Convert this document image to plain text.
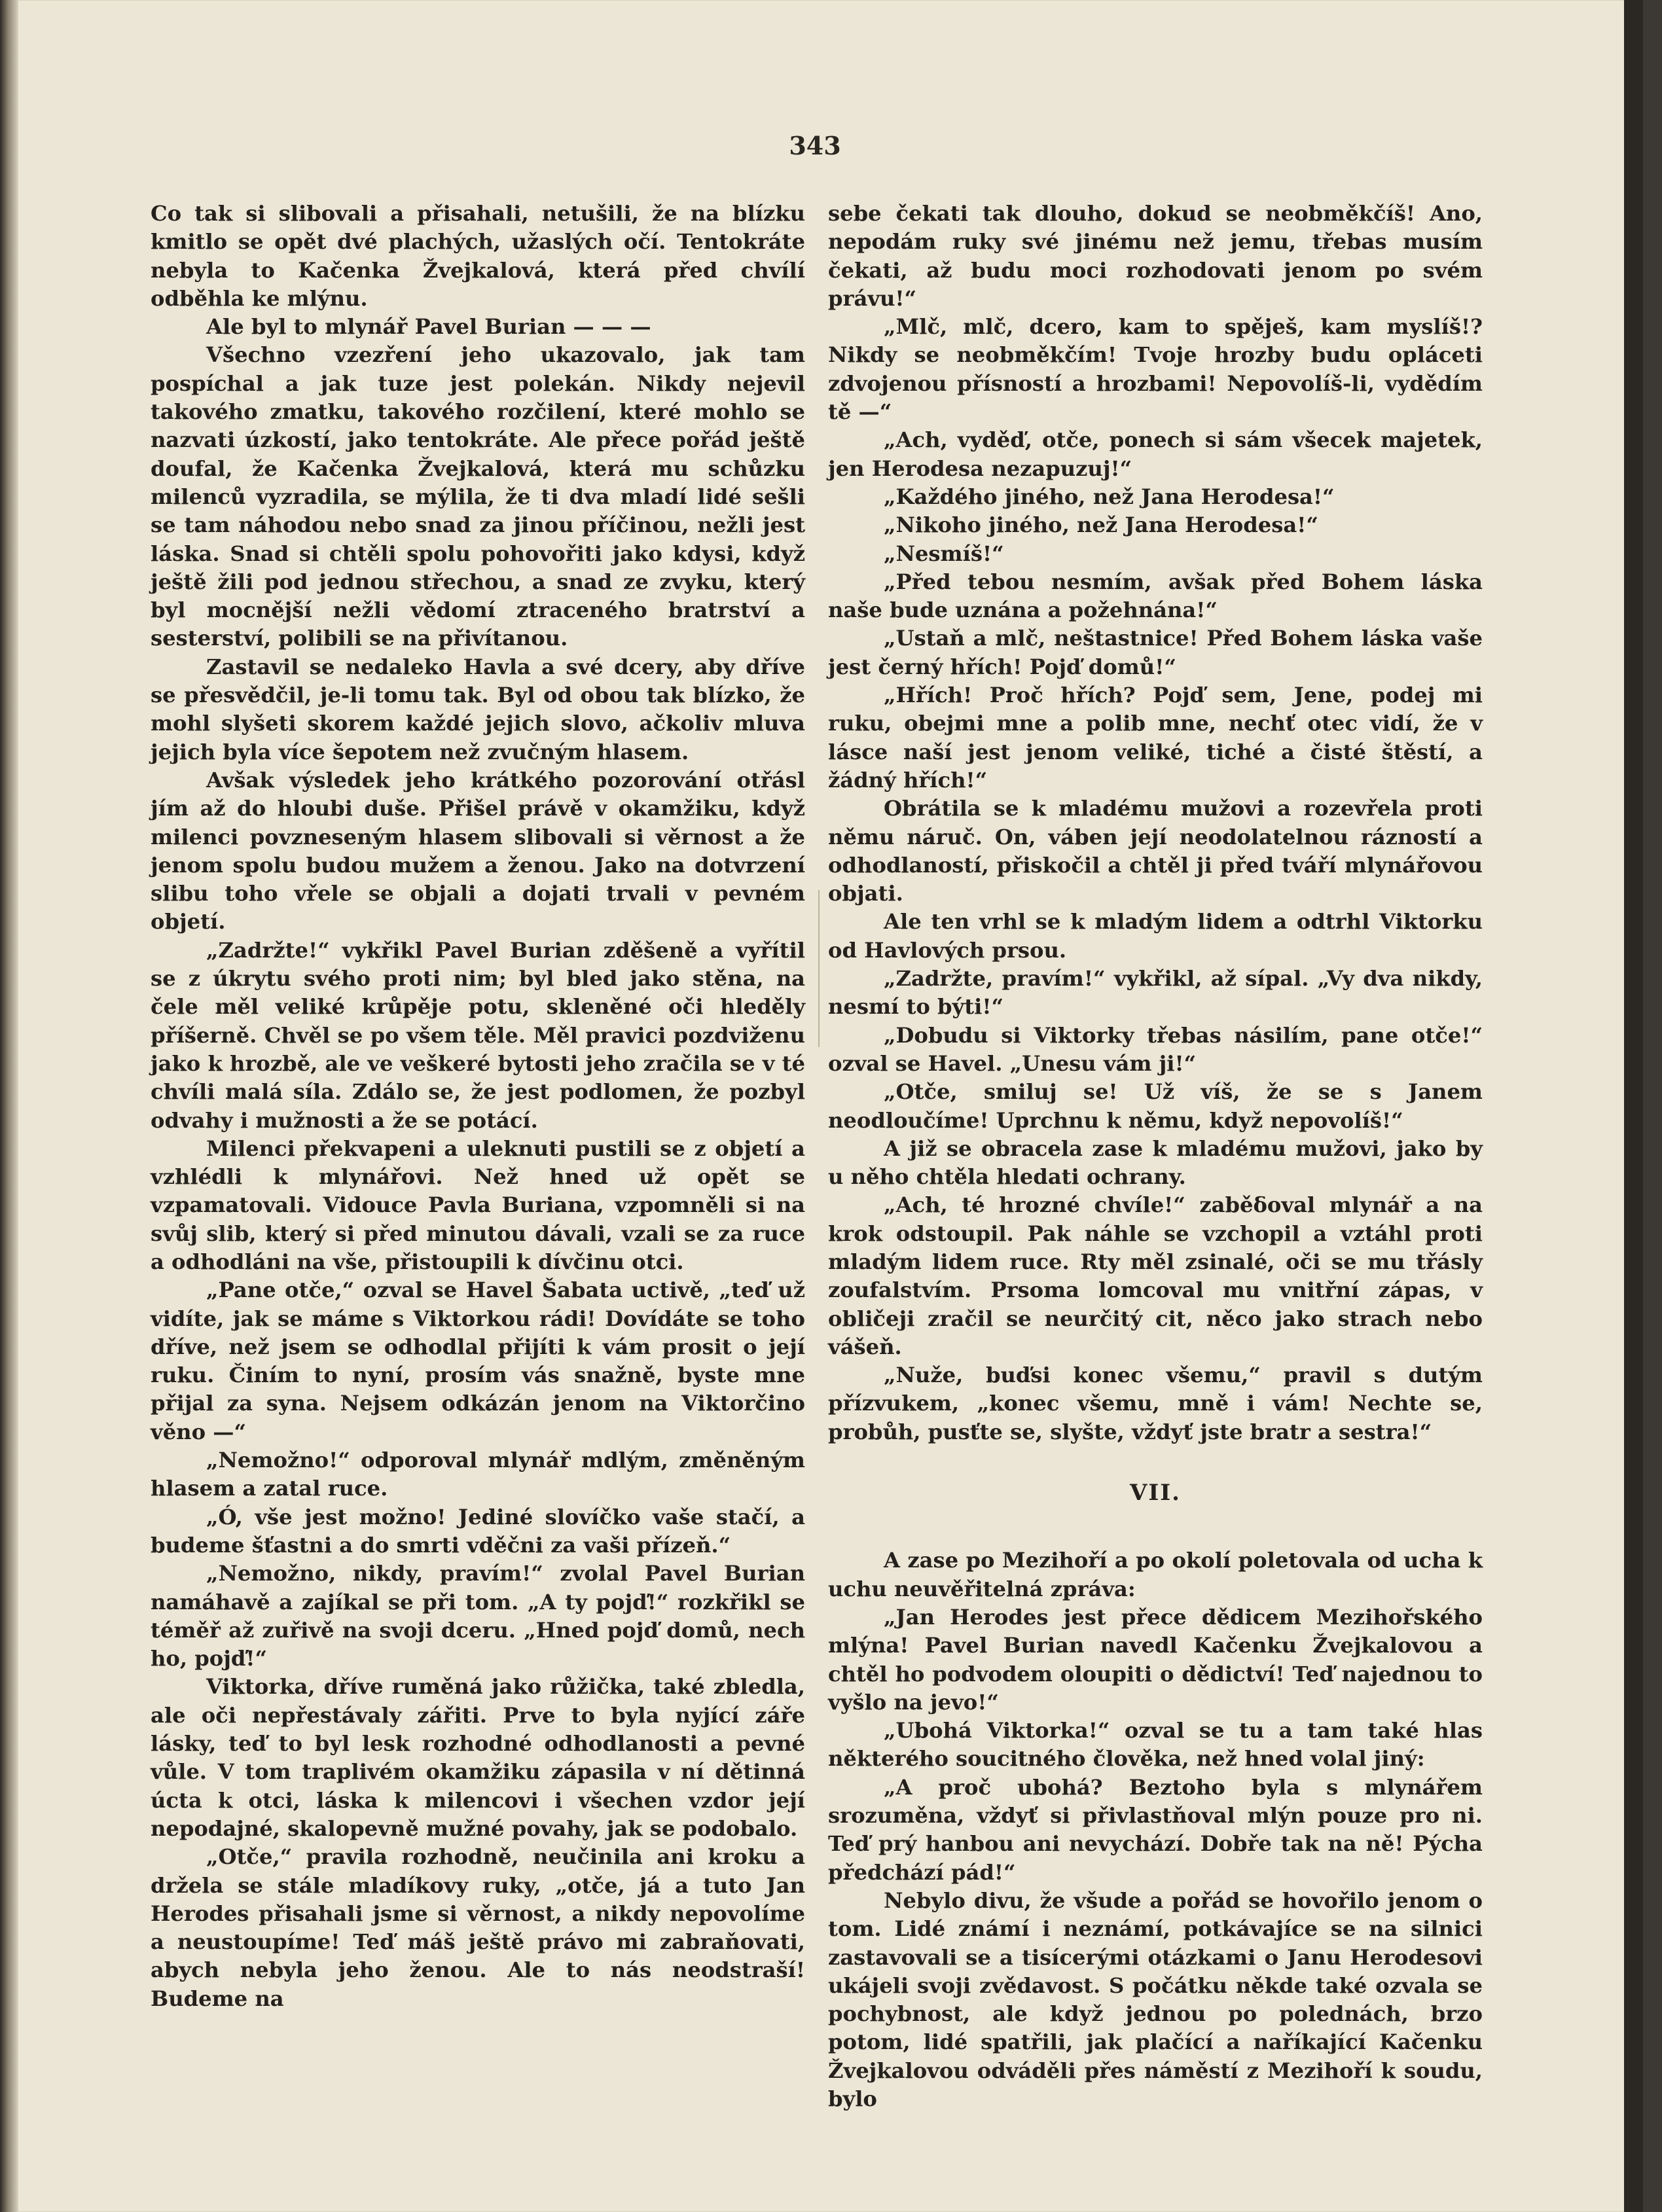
343

Co tak si slibovali a přisahali, netušili, že na blízku kmitlo se opět dvé plachých, užaslých očí. Tentokráte nebyla to Kačenka Žvejkalová, která před chvílí odběhla ke mlýnu.

Ale byl to mlynář Pavel Burian — — —

Všechno vzezření jeho ukazovalo, jak tam pospíchal a jak tuze jest polekán. Nikdy nejevil takového zmatku, takového rozčilení, které mohlo se nazvati úzkostí, jako tentokráte. Ale přece pořád ještě doufal, že Kačenka Žvejkalová, která mu schůzku milenců vyzradila, se mýlila, že ti dva mladí lidé sešli se tam náhodou nebo snad za jinou příčinou, nežli jest láska. Snad si chtěli spolu pohovořiti jako kdysi, když ještě žili pod jednou střechou, a snad ze zvyku, který byl mocnější nežli vědomí ztraceného bratrství a sesterství, polibili se na přivítanou.

Zastavil se nedaleko Havla a své dcery, aby dříve se přesvědčil, je-li tomu tak. Byl od obou tak blízko, že mohl slyšeti skorem každé jejich slovo, ačkoliv mluva jejich byla více šepotem než zvučným hlasem.

Avšak výsledek jeho krátkého pozorování otřásl jím až do hloubi duše. Přišel právě v okamžiku, když milenci povzneseným hlasem slibovali si věrnost a že jenom spolu budou mužem a ženou. Jako na dotvrzení slibu toho vřele se objali a dojati trvali v pevném objetí.

„Zadržte!“ vykřikl Pavel Burian zděšeně a vyřítil se z úkrytu svého proti nim; byl bled jako stěna, na čele měl veliké krůpěje potu, skleněné oči hleděly příšerně. Chvěl se po všem těle. Měl pravici pozdviženu jako k hrozbě, ale ve veškeré bytosti jeho zračila se v té chvíli malá síla. Zdálo se, že jest podlomen, že pozbyl odvahy i mužnosti a že se potácí.

Milenci překvapeni a uleknuti pustili se z objetí a vzhlédli k mlynářovi. Než hned už opět se vzpamatovali. Vidouce Pavla Buriana, vzpomněli si na svůj slib, který si před minutou dávali, vzali se za ruce a odhodláni na vše, přistoupili k dívčinu otci.

„Pane otče,“ ozval se Havel Šabata uctivě, „teď už vidíte, jak se máme s Viktorkou rádi! Dovídáte se toho dříve, než jsem se odhodlal přijíti k vám prosit o její ruku. Činím to nyní, prosím vás snažně, byste mne přijal za syna. Nejsem odkázán jenom na Viktorčino věno —“

„Nemožno!“ odporoval mlynář mdlým, změněným hlasem a zatal ruce.

„Ó, vše jest možno! Jediné slovíčko vaše stačí, a budeme šťastni a do smrti vděčni za vaši přízeň.“

„Nemožno, nikdy, pravím!“ zvolal Pavel Burian namáhavě a zajíkal se při tom. „A ty pojď!“ rozkřikl se téměř až zuřivě na svoji dceru. „Hned pojď domů, nech ho, pojď!“

Viktorka, dříve ruměná jako růžička, také zbledla, ale oči nepřestávaly zářiti. Prve to byla nyjící záře lásky, teď to byl lesk rozhodné odhodlanosti a pevné vůle. V tom traplivém okamžiku zápasila v ní dětinná úcta k otci, láska k milencovi i všechen vzdor její nepodajné, skalopevně mužné povahy, jak se podobalo.

„Otče,“ pravila rozhodně, neučinila ani kroku a držela se stále mladíkovy ruky, „otče, já a tuto Jan Herodes přisahali jsme si věrnost, a nikdy nepovolíme a neustoupíme! Teď máš ještě právo mi zabraňovati, abych nebyla jeho ženou. Ale to nás neodstraší! Budeme na

sebe čekati tak dlouho, dokud se neobměkčíš! Ano, nepodám ruky své jinému než jemu, třebas musím čekati, až budu moci rozhodovati jenom po svém právu!“

„Mlč, mlč, dcero, kam to spěješ, kam myslíš!? Nikdy se neobměkčím! Tvoje hrozby budu opláceti zdvojenou přísností a hrozbami! Nepovolíš-li, vydědím tě —“

„Ach, vyděď, otče, ponech si sám všecek majetek, jen Herodesa nezapuzuj!“

„Každého jiného, než Jana Herodesa!“

„Nikoho jiného, než Jana Herodesa!“

„Nesmíš!“

„Před tebou nesmím, avšak před Bohem láska naše bude uznána a požehnána!“

„Ustaň a mlč, neštastnice! Před Bohem láska vaše jest černý hřích! Pojď domů!“

„Hřích! Proč hřích? Pojď sem, Jene, podej mi ruku, obejmi mne a polib mne, nechť otec vidí, že v lásce naší jest jenom veliké, tiché a čisté štěstí, a žádný hřích!“

Obrátila se k mladému mužovi a rozevřela proti němu náruč. On, váben její neodolatelnou rázností a odhodlaností, přiskočil a chtěl ji před tváří mlynářovou objati.

Ale ten vrhl se k mladým lidem a odtrhl Viktorku od Havlových prsou.

„Zadržte, pravím!“ vykřikl, až sípal. „Vy dva nikdy, nesmí to býti!“

„Dobudu si Viktorky třebas násilím, pane otče!“ ozval se Havel. „Unesu vám ji!“

„Otče, smiluj se! Už víš, že se s Janem neodloučíme! Uprchnu k němu, když nepovolíš!“

A již se obracela zase k mladému mužovi, jako by u něho chtěla hledati ochrany.

„Ach, té hrozné chvíle!“ zaběδoval mlynář a na krok odstoupil. Pak náhle se vzchopil a vztáhl proti mladým lidem ruce. Rty měl zsinalé, oči se mu třásly zoufalstvím. Prsoma lomcoval mu vnitřní zápas, v obličeji zračil se neurčitý cit, něco jako strach nebo vášeň.

„Nuže, buďsi konec všemu,“ pravil s dutým přízvukem, „konec všemu, mně i vám! Nechte se, probůh, pusťte se, slyšte, vždyť jste bratr a sestra!“

VII.

A zase po Mezihoří a po okolí poletovala od ucha k uchu neuvěřitelná zpráva:

„Jan Herodes jest přece dědicem Mezihořského mlýna! Pavel Burian navedl Kačenku Žvejkalovou a chtěl ho podvodem oloupiti o dědictví! Teď najednou to vyšlo na jevo!“

„Ubohá Viktorka!“ ozval se tu a tam také hlas některého soucitného člověka, než hned volal jiný:

„A proč ubohá? Beztoho byla s mlynářem srozuměna, vždyť si přivlastňoval mlýn pouze pro ni. Teď prý hanbou ani nevychází. Dobře tak na ně! Pýcha předchází pád!“

Nebylo divu, že všude a pořád se hovořilo jenom o tom. Lidé známí i neznámí, potkávajíce se na silnici zastavovali se a tisícerými otázkami o Janu Herodesovi ukájeli svoji zvědavost. S počátku někde také ozvala se pochybnost, ale když jednou po polednách, brzo potom, lidé spatřili, jak plačící a naříkající Kačenku Žvejkalovou odváděli přes náměstí z Mezihoří k soudu, bylo
